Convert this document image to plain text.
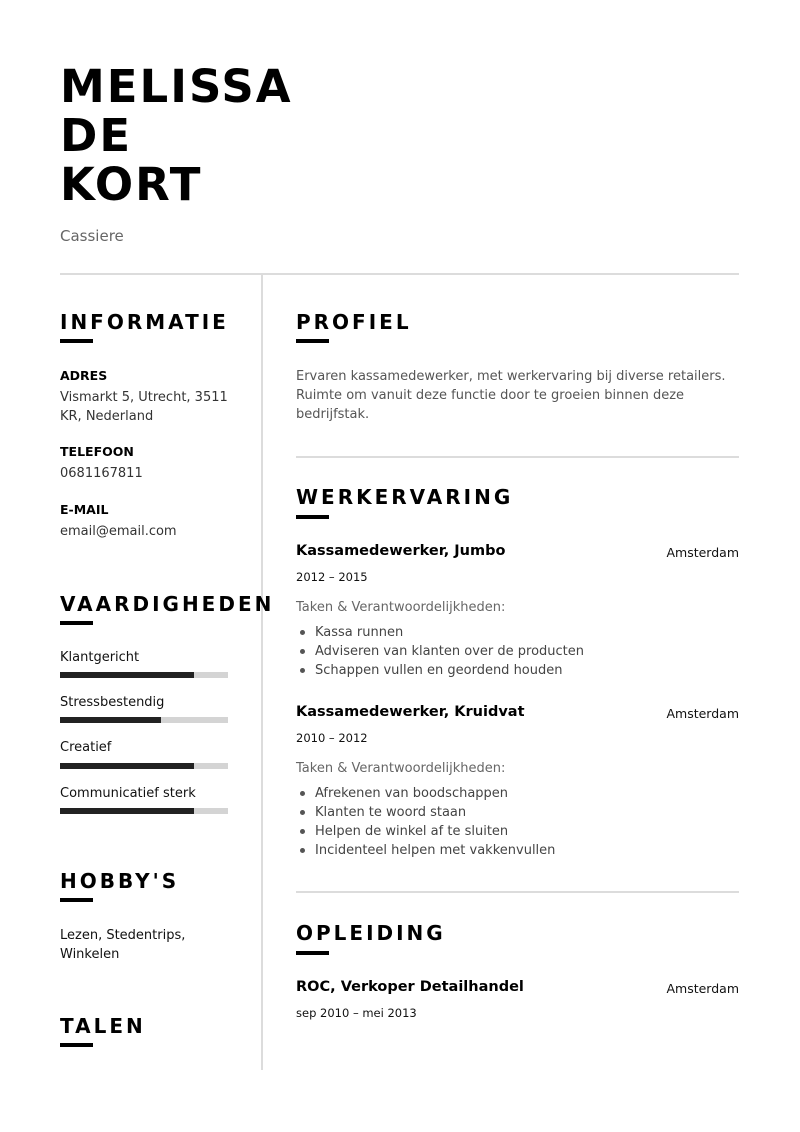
MELISSA
DE
KORT
Cassiere
INFORMATIE
ADRES
Vismarkt 5, Utrecht, 3511 KR, Nederland
TELEFOON
0681167811
E-MAIL
email@email.com
VAARDIGHEDEN
Klantgericht
Stressbestendig
Creatief
Communicatief sterk
HOBBY'S
Lezen, Stedentrips, Winkelen
TALEN
PROFIEL
Ervaren kassamedewerker, met werkervaring bij diverse retailers. Ruimte om vanuit deze functie door te groeien binnen deze bedrijfstak.
WERKERVARING
Kassamedewerker, Jumbo	Amsterdam
2012 – 2015
Taken & Verantwoordelijkheden:
Kassa runnen
Adviseren van klanten over de producten
Schappen vullen en geordend houden
Kassamedewerker, Kruidvat	Amsterdam
2010 – 2012
Taken & Verantwoordelijkheden:
Afrekenen van boodschappen
Klanten te woord staan
Helpen de winkel af te sluiten
Incidenteel helpen met vakkenvullen
OPLEIDING
ROC, Verkoper Detailhandel	Amsterdam
sep 2010 – mei 2013
